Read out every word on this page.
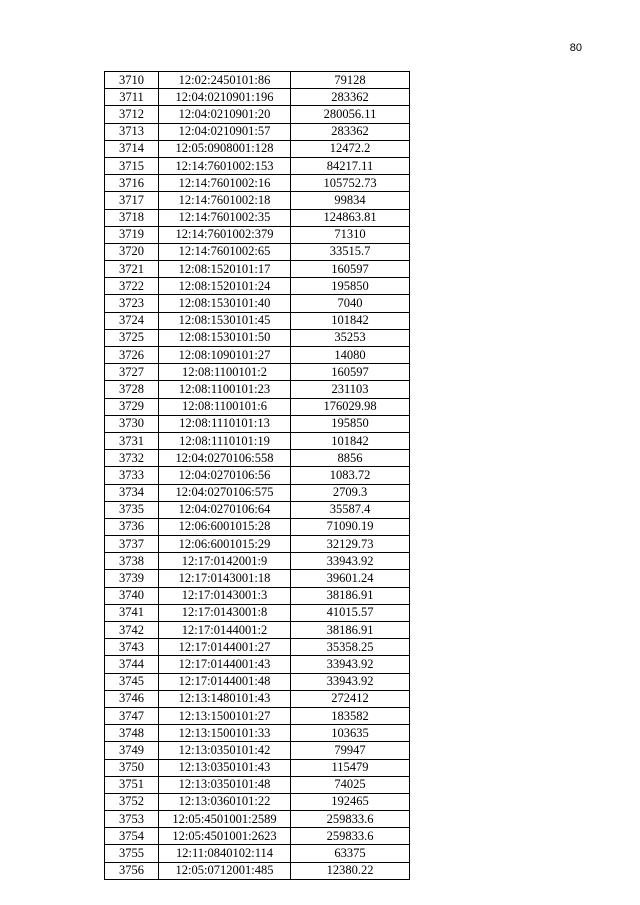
80
3710	12:02:2450101:86	79128
3711	12:04:0210901:196	283362
3712	12:04:0210901:20	280056.11
3713	12:04:0210901:57	283362
3714	12:05:0908001:128	12472.2
3715	12:14:7601002:153	84217.11
3716	12:14:7601002:16	105752.73
3717	12:14:7601002:18	99834
3718	12:14:7601002:35	124863.81
3719	12:14:7601002:379	71310
3720	12:14:7601002:65	33515.7
3721	12:08:1520101:17	160597
3722	12:08:1520101:24	195850
3723	12:08:1530101:40	7040
3724	12:08:1530101:45	101842
3725	12:08:1530101:50	35253
3726	12:08:1090101:27	14080
3727	12:08:1100101:2	160597
3728	12:08:1100101:23	231103
3729	12:08:1100101:6	176029.98
3730	12:08:1110101:13	195850
3731	12:08:1110101:19	101842
3732	12:04:0270106:558	8856
3733	12:04:0270106:56	1083.72
3734	12:04:0270106:575	2709.3
3735	12:04:0270106:64	35587.4
3736	12:06:6001015:28	71090.19
3737	12:06:6001015:29	32129.73
3738	12:17:0142001:9	33943.92
3739	12:17:0143001:18	39601.24
3740	12:17:0143001:3	38186.91
3741	12:17:0143001:8	41015.57
3742	12:17:0144001:2	38186.91
3743	12:17:0144001:27	35358.25
3744	12:17:0144001:43	33943.92
3745	12:17:0144001:48	33943.92
3746	12:13:1480101:43	272412
3747	12:13:1500101:27	183582
3748	12:13:1500101:33	103635
3749	12:13:0350101:42	79947
3750	12:13:0350101:43	115479
3751	12:13:0350101:48	74025
3752	12:13:0360101:22	192465
3753	12:05:4501001:2589	259833.6
3754	12:05:4501001:2623	259833.6
3755	12:11:0840102:114	63375
3756	12:05:0712001:485	12380.22
